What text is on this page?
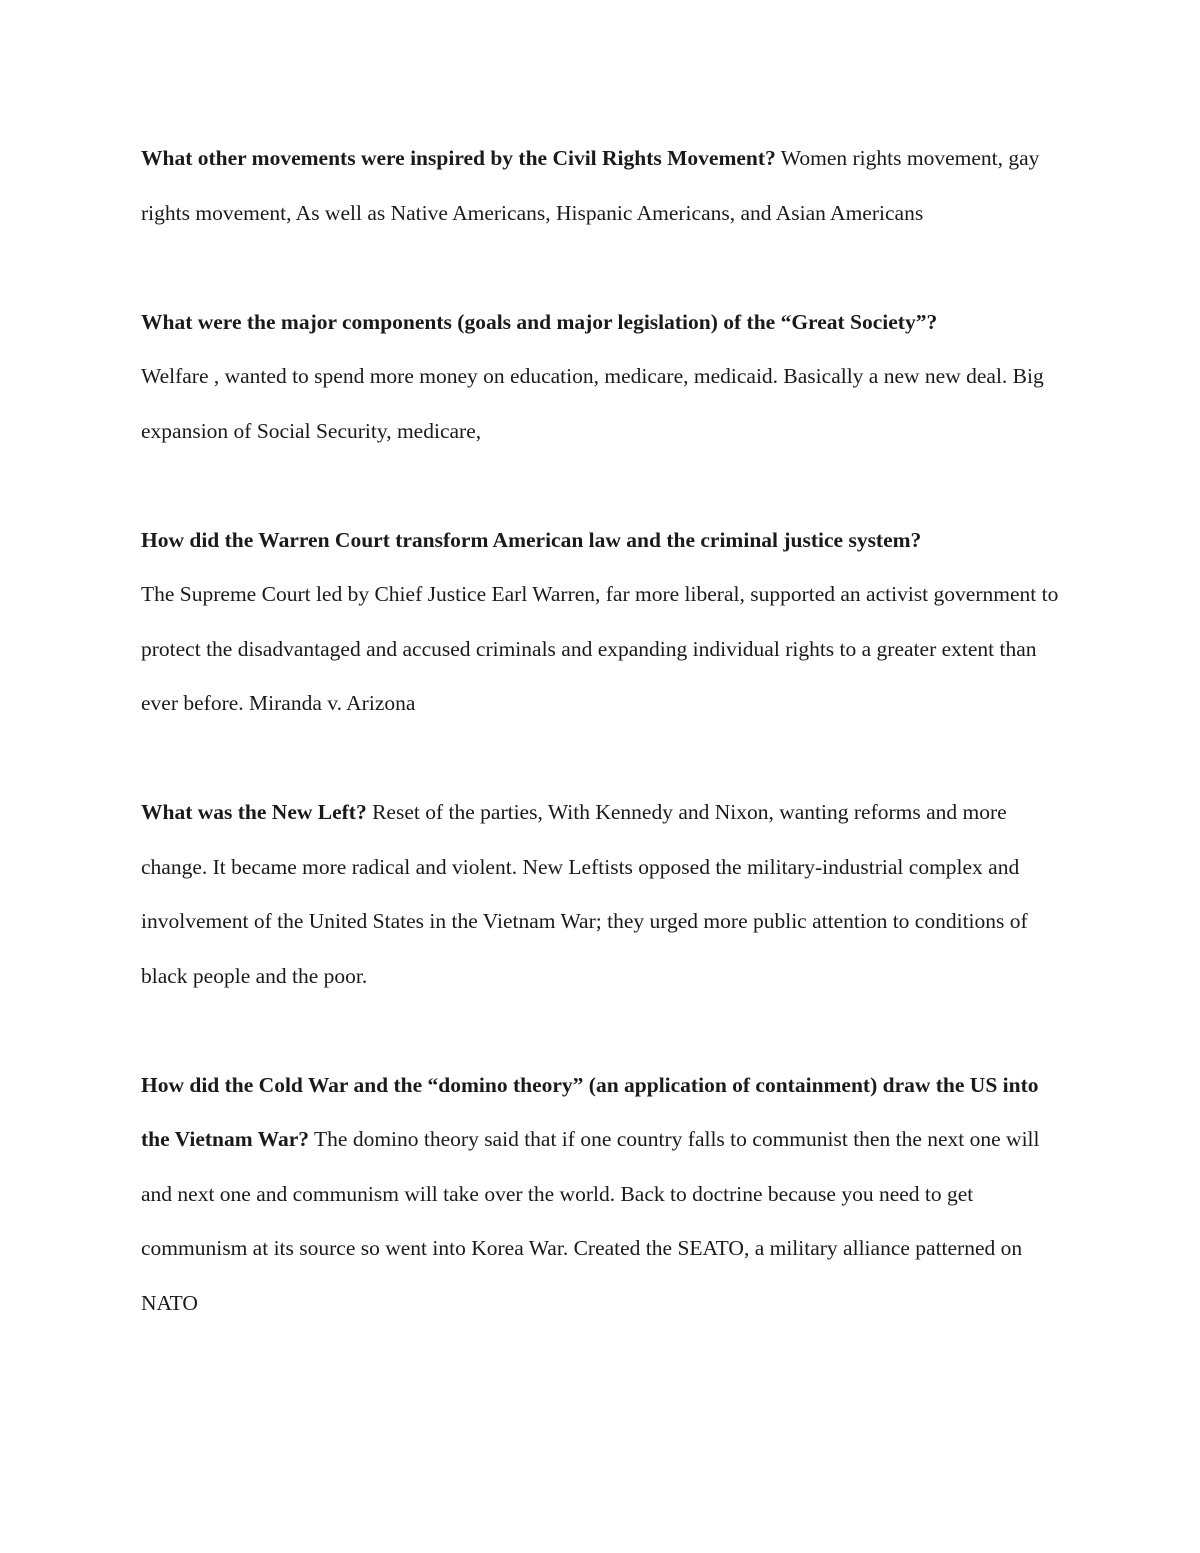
What other movements were inspired by the Civil Rights Movement? Women rights movement, gay rights movement, As well as Native Americans, Hispanic Americans, and Asian Americans

What were the major components (goals and major legislation) of the “Great Society”?

Welfare , wanted to spend more money on education, medicare, medicaid. Basically a new new deal. Big expansion of Social Security, medicare,

How did the Warren Court transform American law and the criminal justice system?

The Supreme Court led by Chief Justice Earl Warren, far more liberal, supported an activist government to protect the disadvantaged and accused criminals and expanding individual rights to a greater extent than ever before. Miranda v. Arizona

What was the New Left? Reset of the parties, With Kennedy and Nixon, wanting reforms and more change. It became more radical and violent. New Leftists opposed the military-industrial complex and involvement of the United States in the Vietnam War; they urged more public attention to conditions of black people and the poor.

How did the Cold War and the “domino theory” (an application of containment) draw the US into the Vietnam War? The domino theory said that if one country falls to communist then the next one will and next one and communism will take over the world. Back to doctrine because you need to get communism at its source so went into Korea War. Created the SEATO, a military alliance patterned on NATO
